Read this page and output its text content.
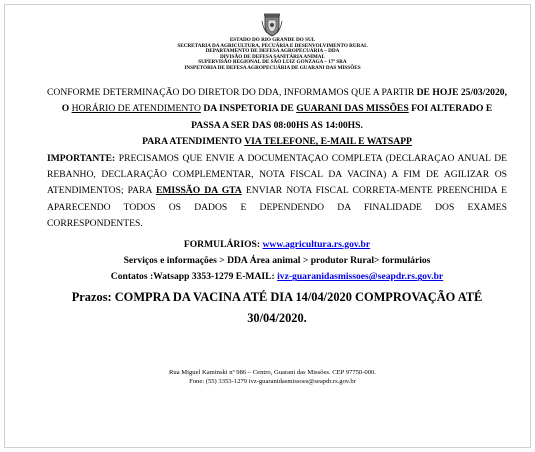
ESTADO DO RIO GRANDE DO SUL
SECRETARIA DA AGRICULTURA, PECUÁRIA E DESENVOLVIMENTO RURAL
DEPARTAMENTO DE DEFESA AGROPECUÁRIA – DDA
DIVISÃO DE DEFESA SANITÁRIA ANIMAL
SUPERVISÃO REGIONAL DE SÃO LUIZ GONZAGA – 17ª SRA
INSPETORIA DE DEFESA AGROPECUÁRIA DE GUARANI DAS MISSÕES

CONFORME DETERMINAÇÃO DO DIRETOR DO DDA, INFORMAMOS QUE A PARTIR DE HOJE 25/03/2020, O HORÁRIO DE ATENDIMENTO DA INSPETORIA DE GUARANI DAS MISSÕES FOI ALTERADO E PASSA A SER DAS 08:00HS AS 14:00HS.

PARA ATENDIMENTO VIA TELEFONE, E-MAIL E WATSAPP

IMPORTANTE: PRECISAMOS QUE ENVIE A DOCUMENTAÇAO COMPLETA (DECLARAÇAO ANUAL DE REBANHO, DECLARAÇÃO COMPLEMENTAR, NOTA FISCAL DA VACINA) A FIM DE AGILIZAR OS ATENDIMENTOS; PARA EMISSÃO DA GTA ENVIAR NOTA FISCAL CORRETA-MENTE PREENCHIDA E APARECENDO TODOS OS DADOS E DEPENDENDO DA FINALIDADE DOS EXAMES CORRESPONDENTES.

FORMULÁRIOS: www.agricultura.rs.gov.br

Serviços e informações > DDA Área animal > produtor Rural> formulários

Contatos :Watsapp 3353-1279 E-MAIL: ivz-guaranidasmissoes@seapdr.rs.gov.br

Prazos: COMPRA DA VACINA ATÉ DIA 14/04/2020 COMPROVAÇÃO ATÉ 30/04/2020.

Rua Miguel Kaminski nº 986 – Centro, Guarani das Missões. CEP 97750-000.
Fone: (55) 3353-1279 ivz-guaranidasmissoes@seapdr.rs.gov.br
